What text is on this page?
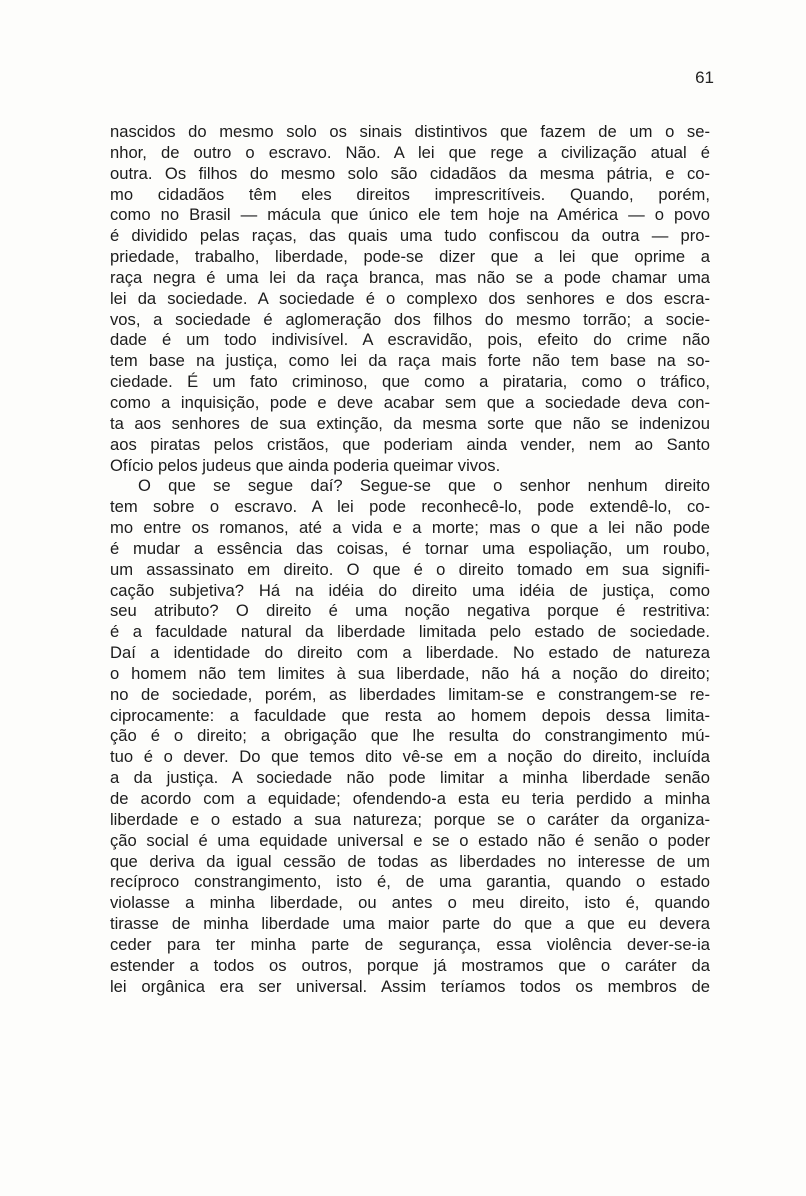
61
nascidos do mesmo solo os sinais distintivos que fazem de um o se-
nhor, de outro o escravo. Não. A lei que rege a civilização atual é
outra. Os filhos do mesmo solo são cidadãos da mesma pátria, e co-
mo cidadãos têm eles direitos imprescritíveis. Quando, porém,
como no Brasil — mácula que único ele tem hoje na América — o povo
é dividido pelas raças, das quais uma tudo confiscou da outra — pro-
priedade, trabalho, liberdade, pode-se dizer que a lei que oprime a
raça negra é uma lei da raça branca, mas não se a pode chamar uma
lei da sociedade. A sociedade é o complexo dos senhores e dos escra-
vos, a sociedade é aglomeração dos filhos do mesmo torrão; a socie-
dade é um todo indivisível. A escravidão, pois, efeito do crime não
tem base na justiça, como lei da raça mais forte não tem base na so-
ciedade. É um fato criminoso, que como a pirataria, como o tráfico,
como a inquisição, pode e deve acabar sem que a sociedade deva con-
ta aos senhores de sua extinção, da mesma sorte que não se indenizou
aos piratas pelos cristãos, que poderiam ainda vender, nem ao Santo
Ofício pelos judeus que ainda poderia queimar vivos.
O que se segue daí? Segue-se que o senhor nenhum direito
tem sobre o escravo. A lei pode reconhecê-lo, pode extendê-lo, co-
mo entre os romanos, até a vida e a morte; mas o que a lei não pode
é mudar a essência das coisas, é tornar uma espoliação, um roubo,
um assassinato em direito. O que é o direito tomado em sua signifi-
cação subjetiva? Há na idéia do direito uma idéia de justiça, como
seu atributo? O direito é uma noção negativa porque é restritiva:
é a faculdade natural da liberdade limitada pelo estado de sociedade.
Daí a identidade do direito com a liberdade. No estado de natureza
o homem não tem limites à sua liberdade, não há a noção do direito;
no de sociedade, porém, as liberdades limitam-se e constrangem-se re-
ciprocamente: a faculdade que resta ao homem depois dessa limita-
ção é o direito; a obrigação que lhe resulta do constrangimento mú-
tuo é o dever. Do que temos dito vê-se em a noção do direito, incluída
a da justiça. A sociedade não pode limitar a minha liberdade senão
de acordo com a equidade; ofendendo-a esta eu teria perdido a minha
liberdade e o estado a sua natureza; porque se o caráter da organiza-
ção social é uma equidade universal e se o estado não é senão o poder
que deriva da igual cessão de todas as liberdades no interesse de um
recíproco constrangimento, isto é, de uma garantia, quando o estado
violasse a minha liberdade, ou antes o meu direito, isto é, quando
tirasse de minha liberdade uma maior parte do que a que eu devera
ceder para ter minha parte de segurança, essa violência dever-se-ia
estender a todos os outros, porque já mostramos que o caráter da
lei orgânica era ser universal. Assim teríamos todos os membros de
